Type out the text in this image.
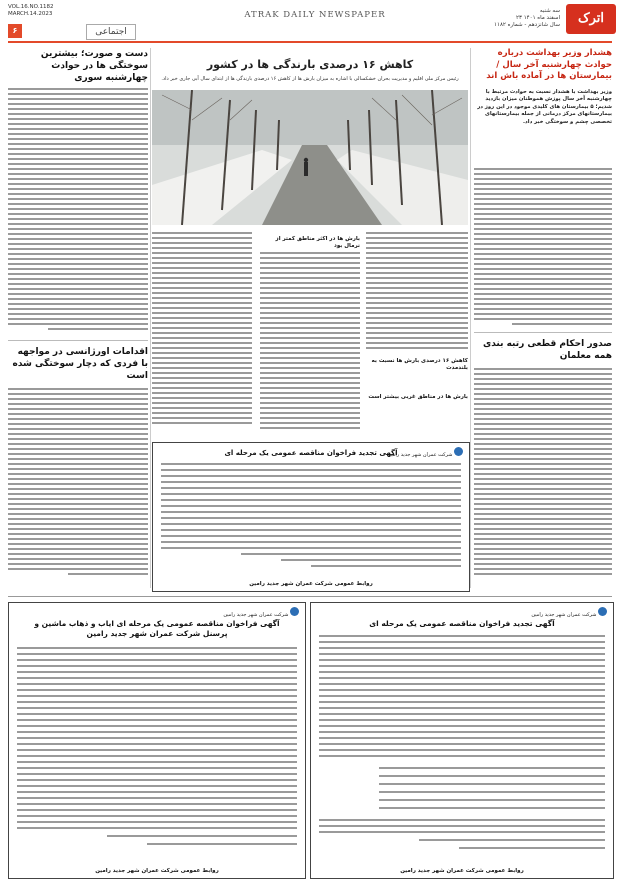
VOL.16.NO.1182
MARCH.14.2023
۶	اجتماعی
ATRAK DAILY NEWSPAPER	سه شنبه
۲۳ اسفند ماه ۱۴۰۱
سال شانزدهم - شماره ۱۱۸۲	اترک
دست و صورت؛ بیشترین سوختگی ها در حوادث چهارشنبه سوری
اقدامات اورژانسی در مواجهه با فردی که دچار سوختگی شده است
کاهش ۱۶ درصدی بارندگی ها در کشور
رئیس مرکز ملی اقلیم و مدیریت بحران خشکسالی با اشاره به میزان بارش ها از کاهش ۱۶ درصدی بارندگی ها از ابتدای سال آبی جاری خبر داد.
بارش ها در اکثر مناطق کمتر از نرمال بود
کاهش ۱۶ درصدی بارش ها نسبت به بلندمدت
بارش ها در مناطق غربی بیشتر است
هشدار وزیر بهداشت درباره حوادث چهارشنبه آخر سال / بیمارستان ها در آماده باش اند
وزیر بهداشت با هشدار نسبت به حوادث مرتبط با چهارشنبه آخر سال پوزش هموطنان میزان بازدید شدیم؛ ۵ بیمارستان های کلیدی موجود در این روز در بیمارستانهای مرکز درمانی از جمله بیمارستانهای تخصصی چشم و سوختگی خبر داد.
صدور احکام قطعی رتبه بندی همه معلمان
شرکت عمران شهر جدید رامین
آگهی تجدید فراخوان مناقصه عمومی یک مرحله ای
روابط عمومی شرکت عمران شهر جدید رامین
شرکت عمران شهر جدید رامین
آگهی تجدید فراخوان مناقصه عمومی یک مرحله ای
روابط عمومی شرکت عمران شهر جدید رامین
شرکت عمران شهر جدید رامین
آگهی فراخوان مناقصه عمومی یک مرحله ای ایاب و ذهاب ماشین و پرسنل شرکت عمران شهر جدید رامین
روابط عمومی شرکت عمران شهر جدید رامین
